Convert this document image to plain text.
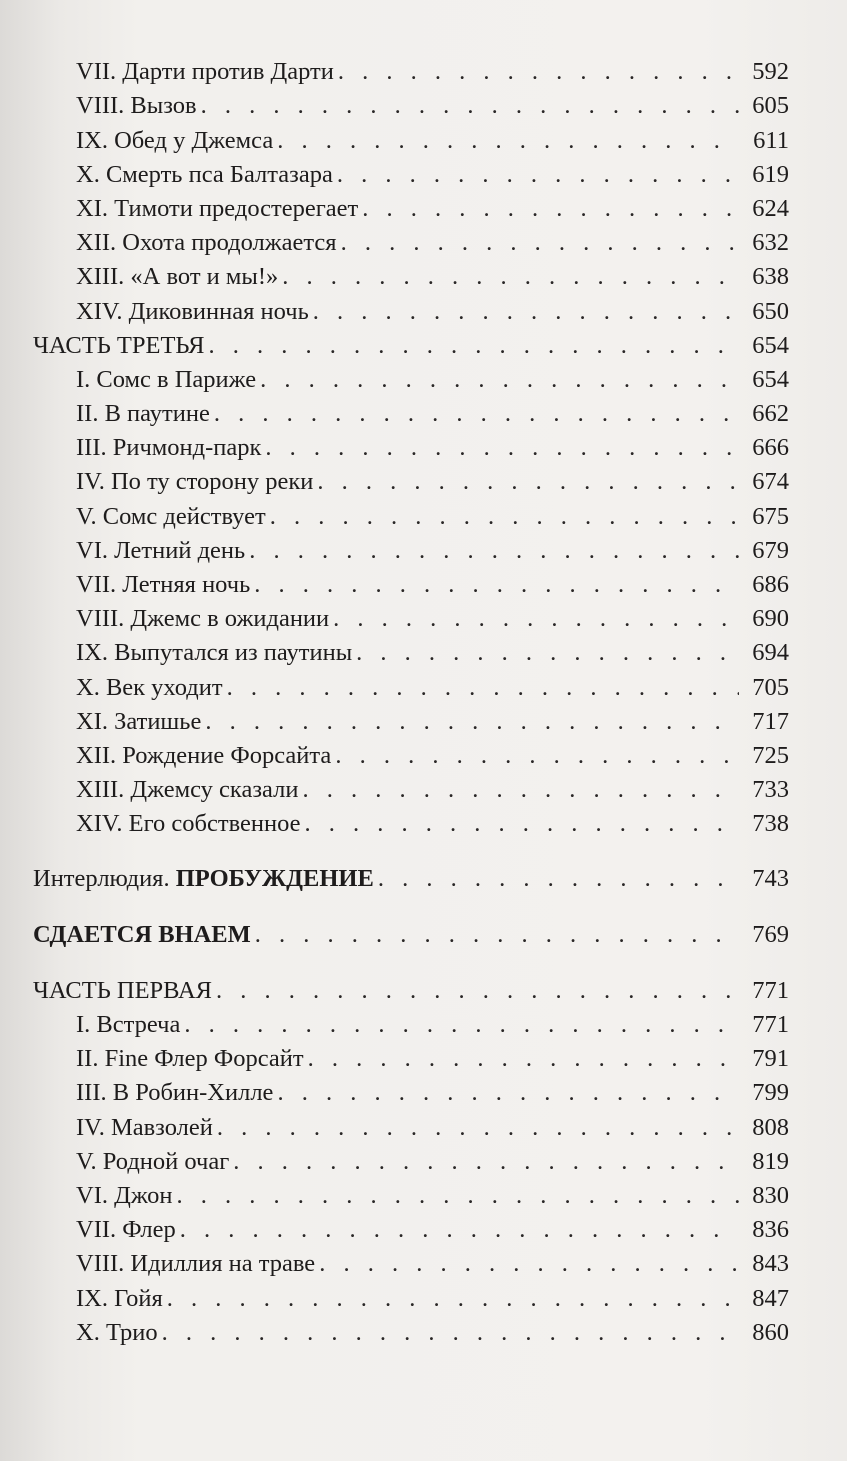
VII. Дарти против Дарти . . .	592
VIII. Вызов . . .	605
IX. Обед у Джемса . . .	611
X. Смерть пса Балтазара . . .	619
XI. Тимоти предостерегает . . .	624
XII. Охота продолжается . . .	632
XIII. «А вот и мы!» . . .	638
XIV. Диковинная ночь . . .	650
ЧАСТЬ ТРЕТЬЯ . . .	654
I. Сомс в Париже . . .	654
II. В паутине . . .	662
III. Ричмонд-парк . . .	666
IV. По ту сторону реки . . .	674
V. Сомс действует . . .	675
VI. Летний день . . .	679
VII. Летняя ночь . . .	686
VIII. Джемс в ожидании . . .	690
IX. Выпутался из паутины . . .	694
X. Век уходит . . .	705
XI. Затишье . . .	717
XII. Рождение Форсайта . . .	725
XIII. Джемсу сказали . . .	733
XIV. Его собственное . . .	738
Интерлюдия. ПРОБУЖДЕНИЕ . . .	743
СДАЕТСЯ ВНАЕМ . . .	769
ЧАСТЬ ПЕРВАЯ . . .	771
I. Встреча . . .	771
II. Fine Флер Форсайт . . .	791
III. В Робин-Хилле . . .	799
IV. Мавзолей . . .	808
V. Родной очаг . . .	819
VI. Джон . . .	830
VII. Флер . . .	836
VIII. Идиллия на траве . . .	843
IX. Гойя . . .	847
X. Трио . . .	860
